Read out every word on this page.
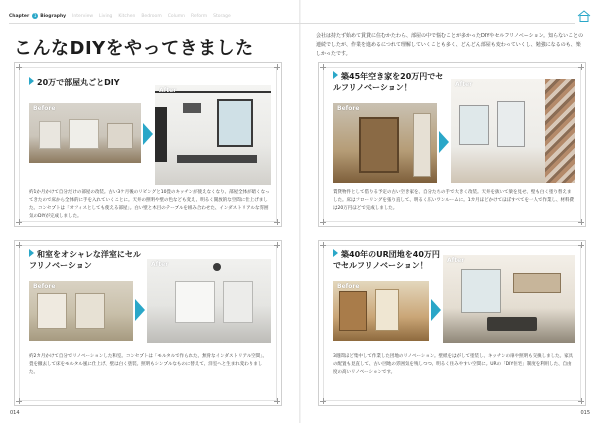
Chapter	1 Biography Interview Living Kitchen Bedroom Column Reform Storage
こんなDIYをやってきました
会社は持たず始めて賃貸に住むかたわら、部屋の中で悩むことが多かったDIYやセルフリノベーション。知らないことの連続でしたが、作業を進めるにつれて理解していくことも多く、どんどん部屋も変わっていくし、勉強になるのも、楽しかったです。
20万で部屋丸ごとDIY
Before
After
約1か月かけて自分だけの部屋の改装。古い3ケ月後のリビングと10畳のキッチンが使えなくなり、部屋全体が暗くなってきたので床から全体的に手を入れていくことに。天井の照明や壁の色なども変え、明るく開放的な空間に仕上げました。コンセプトは「オフィスとしても使える部屋」。白い壁と木目のテーブルを組み合わせた、インダストリアルな雰囲気のDIYが完成しました。
築45年空き家を20万円でセルフリノベーション！
Before
After
賃貸物件として借りる予定の古い空き家を、自分たちの手で大きく改装。天井を抜いて梁を見せ、壁も白く塗り替えました。床はフローリングを張り直して、明るく広いワンルームに。1カ月ほどかけてほぼすべてを一人で作業し、材料費は20万円ほどで完成しました。
和室をオシャレな洋室にセルフリノベーション
Before
After
約2カ月かけて自分でリノベーションした和室。コンセプトは「モルタルで作られた、無骨なインダストリアル空間」。畳を撤去して床をモルタル風に仕上げ、壁は白く塗装。照明もシンプルなものに替えて、洋室へと生まれ変わりました。
築40年のUR団地を40万円でセルフリノベーション！
Before
After
3週間ほど集中して作業した団地のリノベーション。壁紙をはがして塗装し、キッチンの扉や照明も交換しました。家具の配置も見直して、古い団地の雰囲気を残しつつ、明るく住みやすい空間に。URの「DIY住宅」制度を利用した、自由度の高いリノベーションです。
014	015
